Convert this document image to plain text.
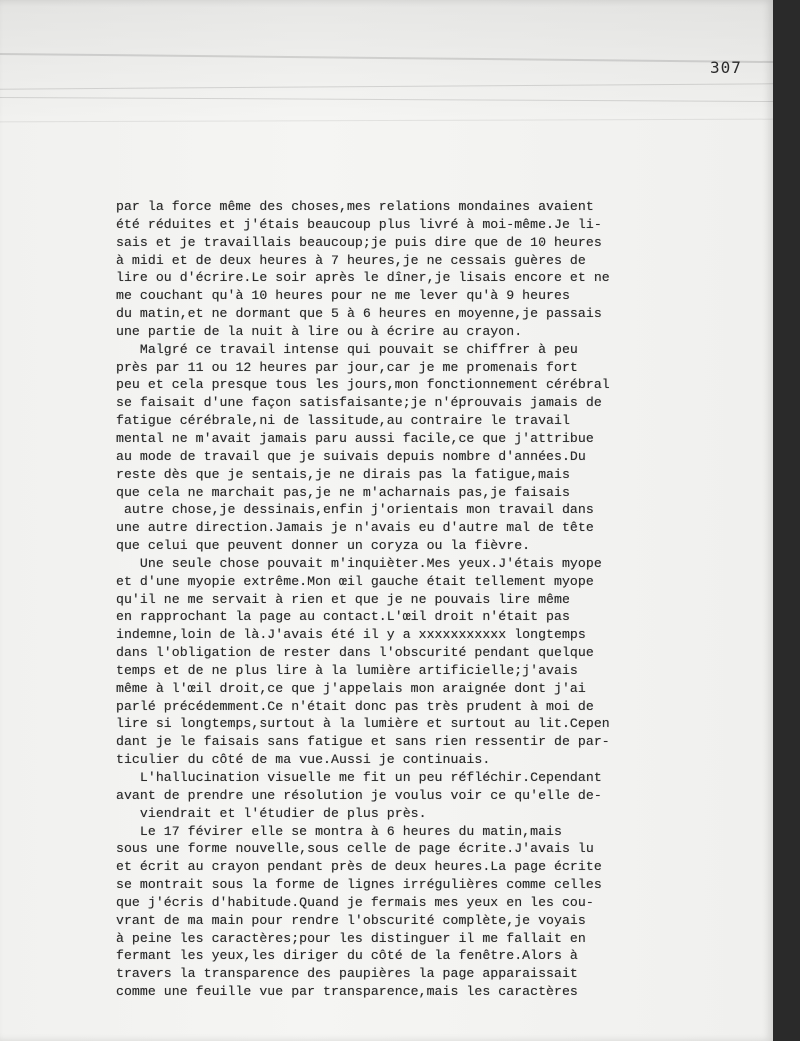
307
par la force même des choses,mes relations mondaines avaient
été réduites et j'étais beaucoup plus livré à moi-même.Je li-
sais et je travaillais beaucoup;je puis dire que de 10 heures
à midi et de deux heures à 7 heures,je ne cessais guères de
lire ou d'écrire.Le soir après le dîner,je lisais encore et ne
me couchant qu'à 10 heures pour ne me lever qu'à 9 heures
du matin,et ne dormant que 5 à 6 heures en moyenne,je passais
une partie de la nuit à lire ou à écrire au crayon.
Malgré ce travail intense qui pouvait se chiffrer à peu
près par 11 ou 12 heures par jour,car je me promenais fort
peu et cela presque tous les jours,mon fonctionnement cérébral
se faisait d'une façon satisfaisante;je n'éprouvais jamais de
fatigue cérébrale,ni de lassitude,au contraire le travail
mental ne m'avait jamais paru aussi facile,ce que j'attribue
au mode de travail que je suivais depuis nombre d'années.Du
reste dès que je sentais,je ne dirais pas la fatigue,mais
que cela ne marchait pas,je ne m'acharnais pas,je faisais
autre chose,je dessinais,enfin j'orientais mon travail dans
une autre direction.Jamais je n'avais eu d'autre mal de tête
que celui que peuvent donner un coryza ou la fièvre.
Une seule chose pouvait m'inquièter.Mes yeux.J'étais myope
et d'une myopie extrême.Mon œil gauche était tellement myope
qu'il ne me servait à rien et que je ne pouvais lire même
en rapprochant la page au contact.L'œil droit n'était pas
indemne,loin de là.J'avais été il y a xxxxxxxxxxx longtemps
dans l'obligation de rester dans l'obscurité pendant quelque
temps et de ne plus lire à la lumière artificielle;j'avais
même à l'œil droit,ce que j'appelais mon araignée dont j'ai
parlé précédemment.Ce n'était donc pas très prudent à moi de
lire si longtemps,surtout à la lumière et surtout au lit.Cepen
dant je le faisais sans fatigue et sans rien ressentir de par-
ticulier du côté de ma vue.Aussi je continuais.
L'hallucination visuelle me fit un peu réfléchir.Cependant
avant de prendre une résolution je voulus voir ce qu'elle de-
viendrait et l'étudier de plus près.
Le 17 févirer elle se montra à 6 heures du matin,mais
sous une forme nouvelle,sous celle de page écrite.J'avais lu
et écrit au crayon pendant près de deux heures.La page écrite
se montrait sous la forme de lignes irrégulières comme celles
que j'écris d'habitude.Quand je fermais mes yeux en les cou-
vrant de ma main pour rendre l'obscurité complète,je voyais
à peine les caractères;pour les distinguer il me fallait en
fermant les yeux,les diriger du côté de la fenêtre.Alors à
travers la transparence des paupières la page apparaissait
comme une feuille vue par transparence,mais les caractères
